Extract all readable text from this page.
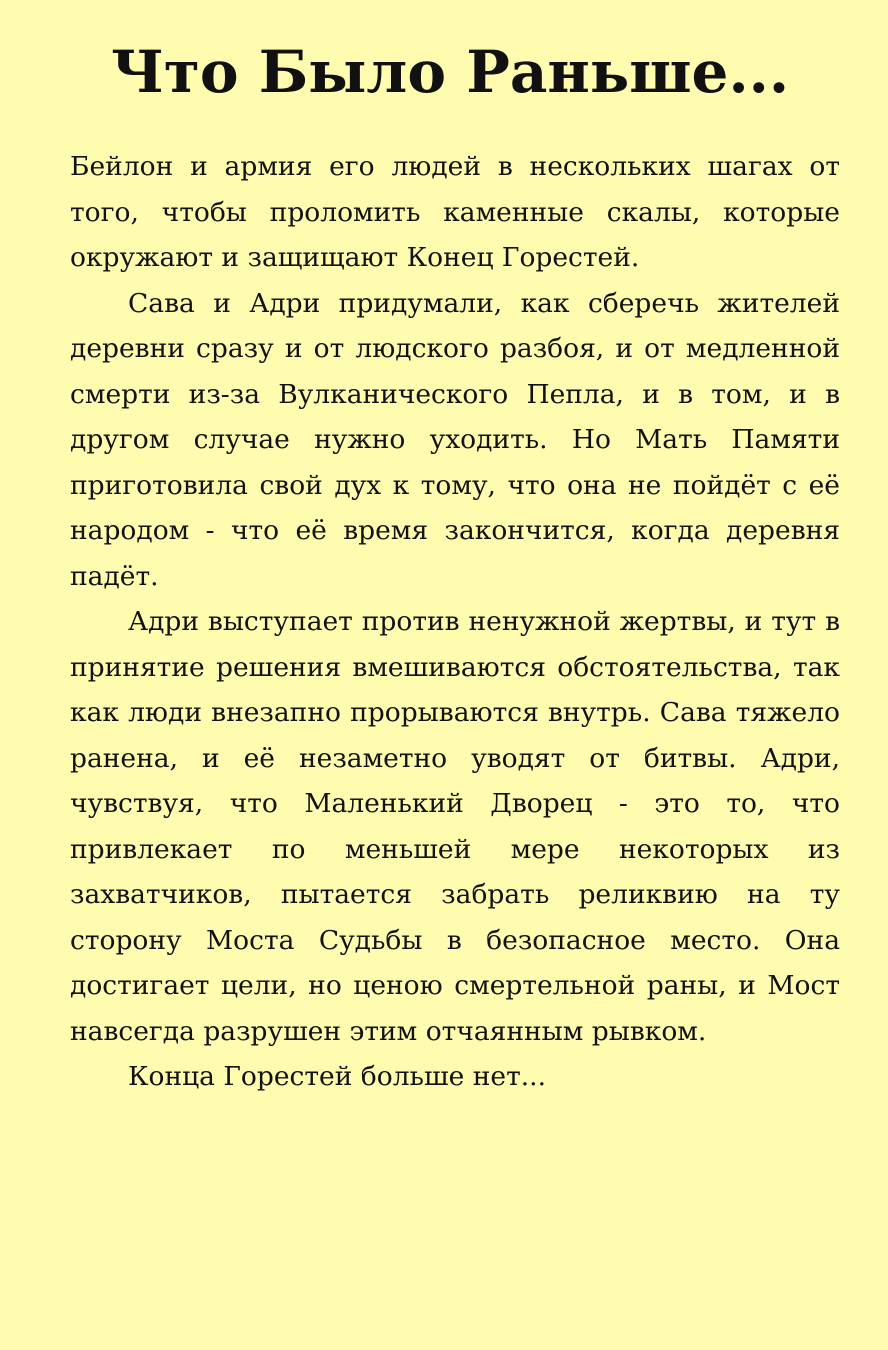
Что Было Раньше...

Бейлон и армия его людей в нескольких шагах от того, чтобы проломить каменные скалы, которые окружают и защищают Конец Горестей.

Сава и Адри придумали, как сберечь жителей деревни сразу и от людского разбоя, и от медленной смерти из-за Вулканического Пепла, и в том, и в другом случае нужно уходить. Но Мать Памяти приготовила свой дух к тому, что она не пойдёт с её народом - что её время закончится, когда деревня падёт.

Адри выступает против ненужной жертвы, и тут в принятие решения вмешиваются обстоятельства, так как люди внезапно прорываются внутрь. Сава тяжело ранена, и её незаметно уводят от битвы. Адри, чувствуя, что Маленький Дворец - это то, что привлекает по меньшей мере некоторых из захватчиков, пытается забрать реликвию на ту сторону Моста Судьбы в безопасное место. Она достигает цели, но ценою смертельной раны, и Мост навсегда разрушен этим отчаянным рывком.

Конца Горестей больше нет...
